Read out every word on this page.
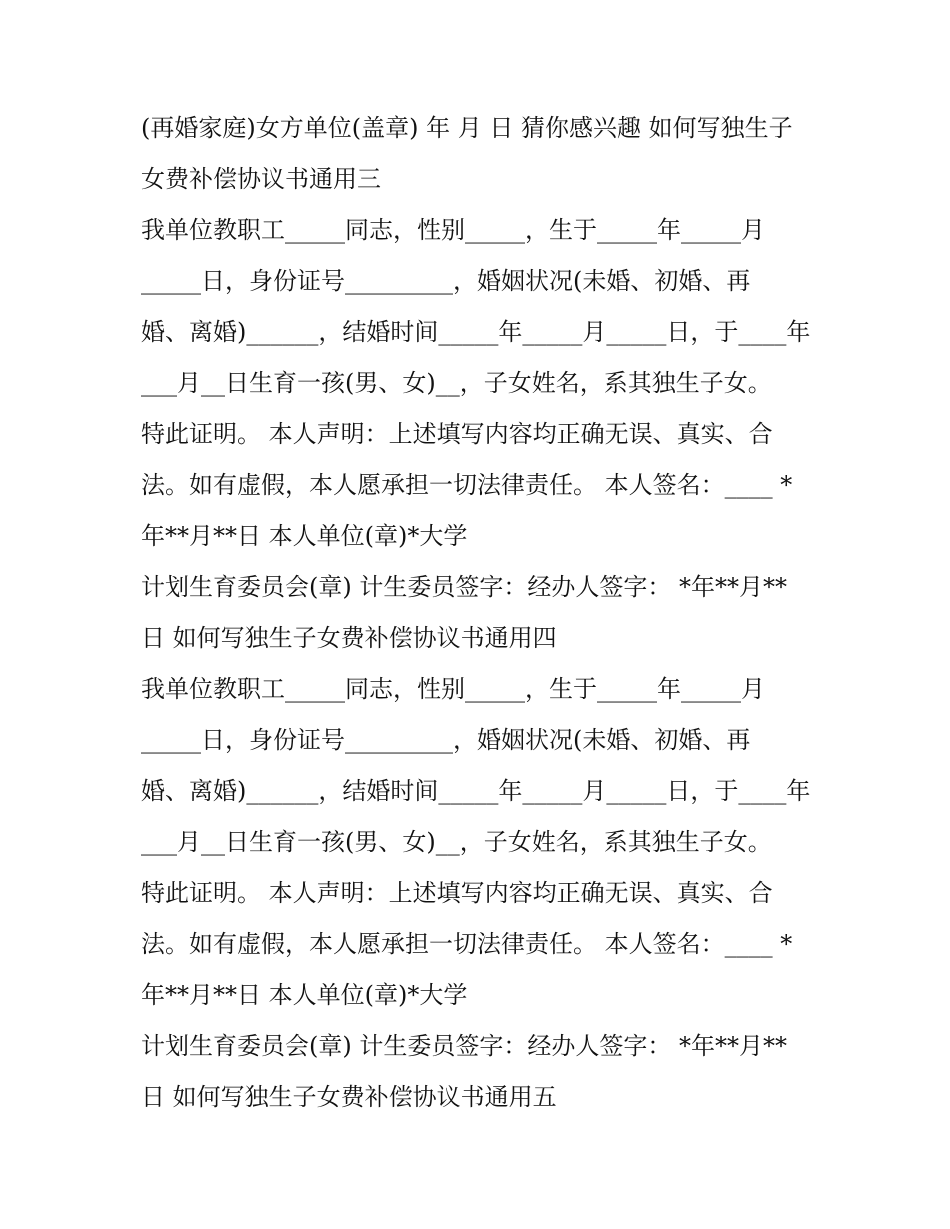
(再婚家庭)女方单位(盖章) 年 月 日 猜你感兴趣 如何写独生子
女费补偿协议书通用三
我单位教职工_____同志，性别_____，生于_____年_____月
_____日，身份证号_________，婚姻状况(未婚、初婚、再
婚、离婚)______，结婚时间_____年_____月_____日，于____年
___月__日生育一孩(男、女)__，子女姓名，系其独生子女。
特此证明。 本人声明：上述填写内容均正确无误、真实、合
法。如有虚假，本人愿承担一切法律责任。 本人签名：____ *
年**月**日 本人单位(章)*大学
计划生育委员会(章) 计生委员签字：经办人签字： *年**月**
日 如何写独生子女费补偿协议书通用四
我单位教职工_____同志，性别_____，生于_____年_____月
_____日，身份证号_________，婚姻状况(未婚、初婚、再
婚、离婚)______，结婚时间_____年_____月_____日，于____年
___月__日生育一孩(男、女)__，子女姓名，系其独生子女。
特此证明。 本人声明：上述填写内容均正确无误、真实、合
法。如有虚假，本人愿承担一切法律责任。 本人签名：____ *
年**月**日 本人单位(章)*大学
计划生育委员会(章) 计生委员签字：经办人签字： *年**月**
日 如何写独生子女费补偿协议书通用五
